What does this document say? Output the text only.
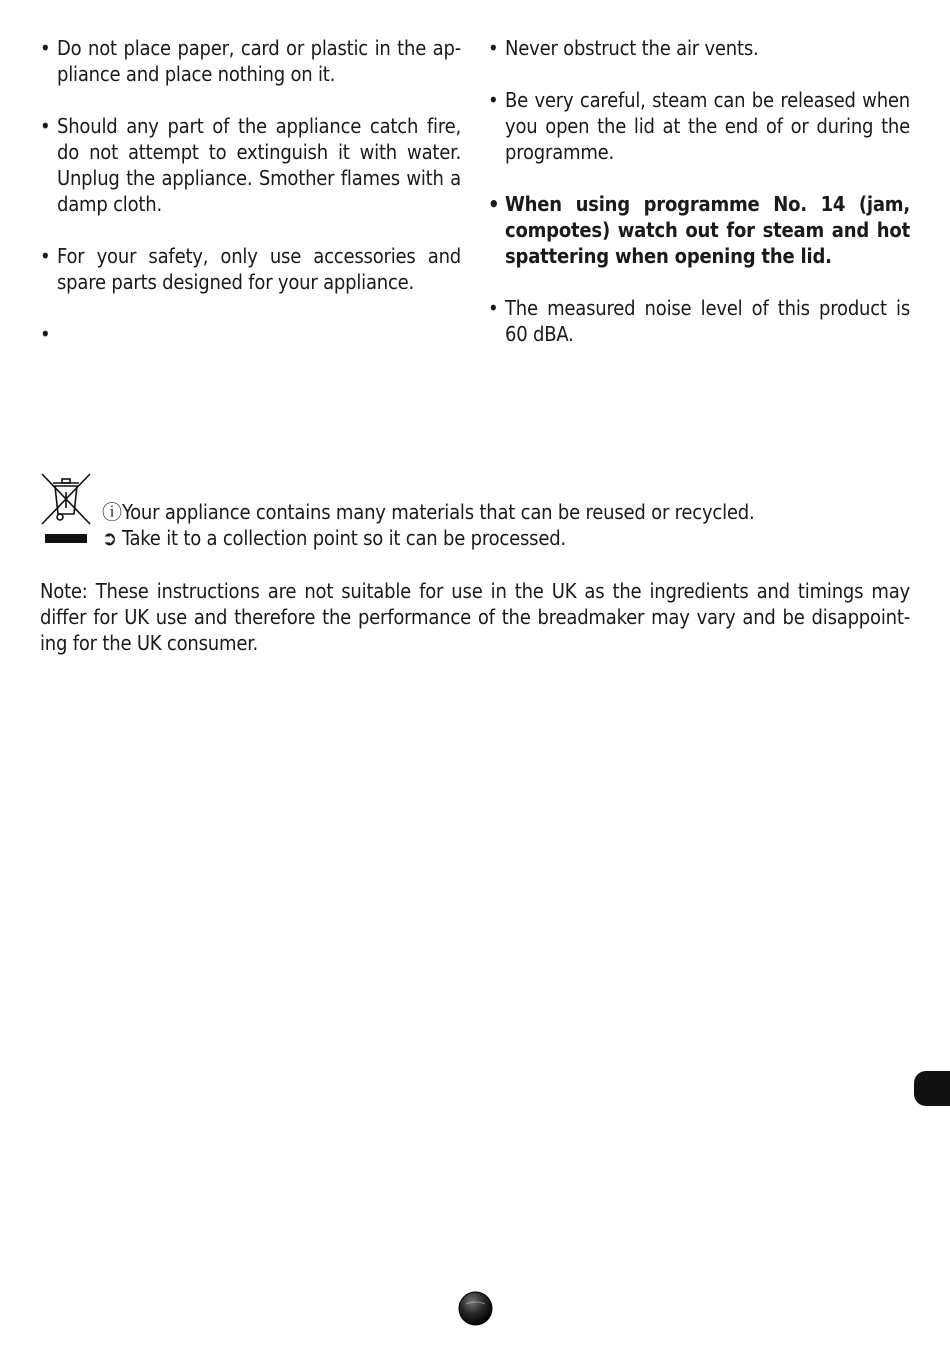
• Do not place paper, card or plastic in the ap-pliance and place nothing on it.

• Should any part of the appliance catch fire, do not attempt to extinguish it with water. Unplug the appliance. Smother flames with a damp cloth.

• For your safety, only use accessories and spare parts designed for your appliance.

•

• Never obstruct the air vents.

• Be very careful, steam can be released when you open the lid at the end of or during the programme.

• When using programme No. 14 (jam, compotes) watch out for steam and hot spattering when opening the lid.

• The measured noise level of this product is 60 dBA.

ⓘYour appliance contains many materials that can be reused or recycled.
➲ Take it to a collection point so it can be processed.

Note: These instructions are not suitable for use in the UK as the ingredients and timings may differ for UK use and therefore the performance of the breadmaker may vary and be disappoint-ing for the UK consumer.
